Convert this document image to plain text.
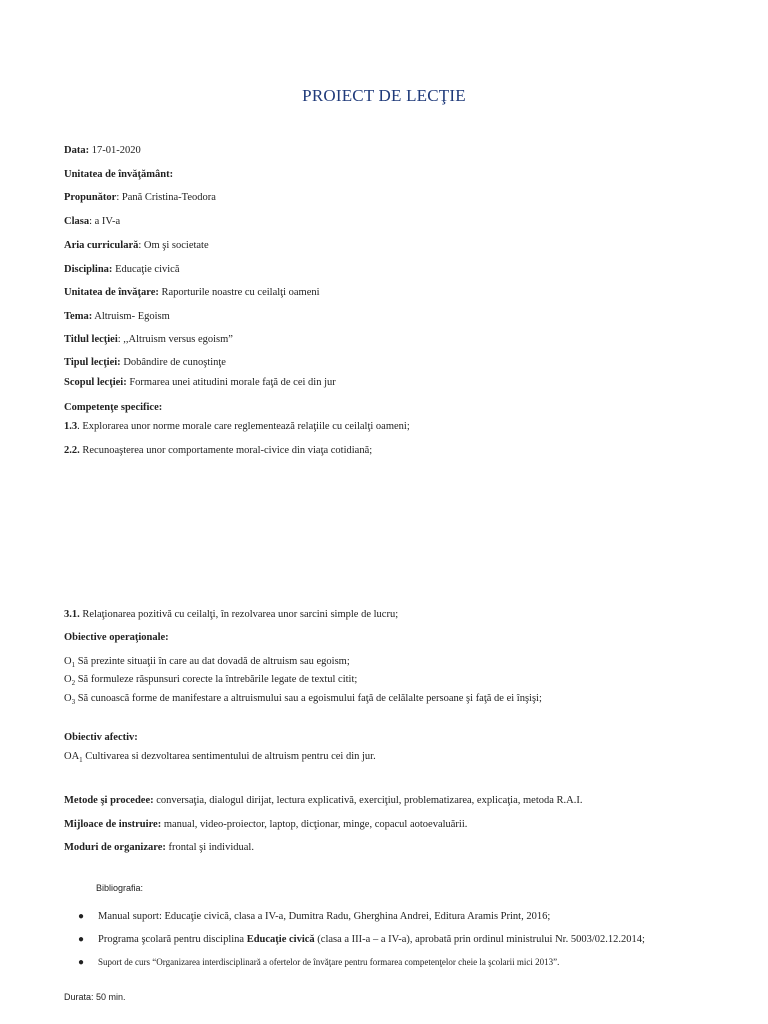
PROIECT DE LECŢIE
Data: 17-01-2020
Unitatea de învăţământ:
Propunător: Pană Cristina-Teodora
Clasa: a IV-a
Aria curriculară: Om şi societate
Disciplina: Educaţie civică
Unitatea de învăţare: Raporturile noastre cu ceilalţi oameni
Tema: Altruism- Egoism
Titlul lecţiei: ,,Altruism versus egoism”
Tipul lecţiei: Dobândire de cunoştinţe
Scopul lecţiei: Formarea unei atitudini morale faţă de cei din jur
Competenţe specifice:
1.3. Explorarea unor norme morale care reglementează relaţiile cu ceilalţi oameni;
2.2. Recunoaşterea unor comportamente moral-civice din viaţa cotidiană;
3.1. Relaţionarea pozitivă cu ceilalţi, în rezolvarea unor sarcini simple de lucru;
Obiective operaţionale:
$O_1$ Să prezinte situaţii în care au dat dovadă de altruism sau egoism;
$O_2$ Să formuleze răspunsuri corecte la întrebările legate de textul citit;
$O_3$ Să cunoască forme de manifestare a altruismului sau a egoismului faţă de celălalte persoane şi faţă de ei înşişi;
Obiectiv afectiv:
$OA_1$ Cultivarea si dezvoltarea sentimentului de altruism pentru cei din jur.
Metode şi procedee: conversaţia, dialogul dirijat, lectura explicativă, exerciţiul, problematizarea, explicaţia, metoda R.A.I.
Mijloace de instruire: manual, video-proiector, laptop, dicţionar, minge, copacul aotoevaluării.
Moduri de organizare: frontal şi individual.
Bibliografia:
● Manual suport: Educaţie civică, clasa a IV-a, Dumitra Radu, Gherghina Andrei, Editura Aramis Print, 2016;
● Programa şcolară pentru disciplina Educaţie civică (clasa a III-a – a IV-a), aprobată prin ordinul ministrului Nr. 5003/02.12.2014;
● Suport de curs “Organizarea interdisciplinară a ofertelor de învăţare pentru formarea competenţelor cheie la şcolarii mici 2013”.
Durata: 50 min.
